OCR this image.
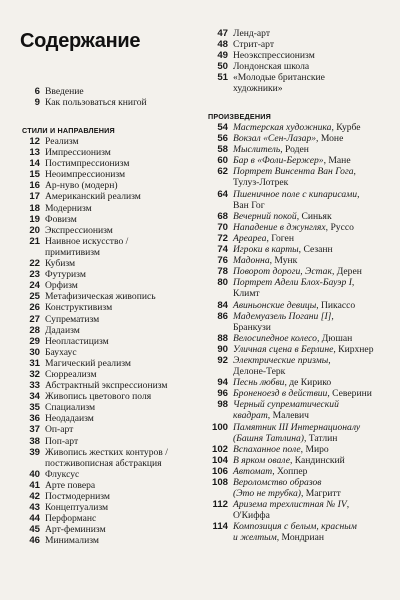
Содержание
6 Введение
9 Как пользоваться книгой
СТИЛИ И НАПРАВЛЕНИЯ
12 Реализм
13 Импрессионизм
14 Постимпрессионизм
15 Неоимпрессионизм
16 Ар-нуво (модерн)
17 Американский реализм
18 Модернизм
19 Фовизм
20 Экспрессионизм
21 Наивное искусство /
примитивизм
22 Кубизм
23 Футуризм
24 Орфизм
25 Метафизическая живопись
26 Конструктивизм
27 Супрематизм
28 Дадаизм
29 Неопластицизм
30 Баухаус
31 Магический реализм
32 Сюрреализм
33 Абстрактный экспрессионизм
34 Живопись цветового поля
35 Спациализм
36 Неодадаизм
37 Оп-арт
38 Поп-арт
39 Живопись жестких контуров /
постживописная абстракция
40 Флуксус
41 Арте повера
42 Постмодернизм
43 Концептуализм
44 Перформанс
45 Арт-феминизм
46 Минимализм
47 Ленд-арт
48 Стрит-арт
49 Неоэкспрессионизм
50 Лондонская школа
51 «Молодые британские
художники»
ПРОИЗВЕДЕНИЯ
54 Мастерская художника, Курбе
56 Вокзал «Сен-Лазар», Моне
58 Мыслитель, Роден
60 Бар в «Фоли-Бержер», Мане
62 Портрет Винсента Ван Гога,
Тулуз-Лотрек
64 Пшеничное поле с кипарисами,
Ван Гог
68 Вечерний покой, Синьяк
70 Нападение в джунглях, Руссо
72 Ареарea, Гоген
74 Игроки в карты, Сезанн
76 Мадонна, Мунк
78 Поворот дороги, Эстак, Дерен
80 Портрет Адели Блох-Бауэр I,
Климт
84 Авиньонские девицы, Пикассо
86 Мадемуазель Погани [I],
Бранкузи
88 Велосипедное колесо, Дюшан
90 Уличная сцена в Берлине, Кирхнер
92 Электрические призмы,
Делоне-Терк
94 Песнь любви, де Кирико
96 Броненоезд в действии, Северини
98 Черный супрематический
квадрат, Малевич
100 Памятник III Интернационалу
(Башня Татлина), Татлин
102 Вспаханное поле, Миро
104 В ярком овале, Кандинский
106 Автомат, Хоппер
108 Вероломство образов
(Это не трубка), Магритт
112 Аризема трехлистная № IV,
О'Киффа
114 Композиция с белым, красным
и желтым, Мондриан
